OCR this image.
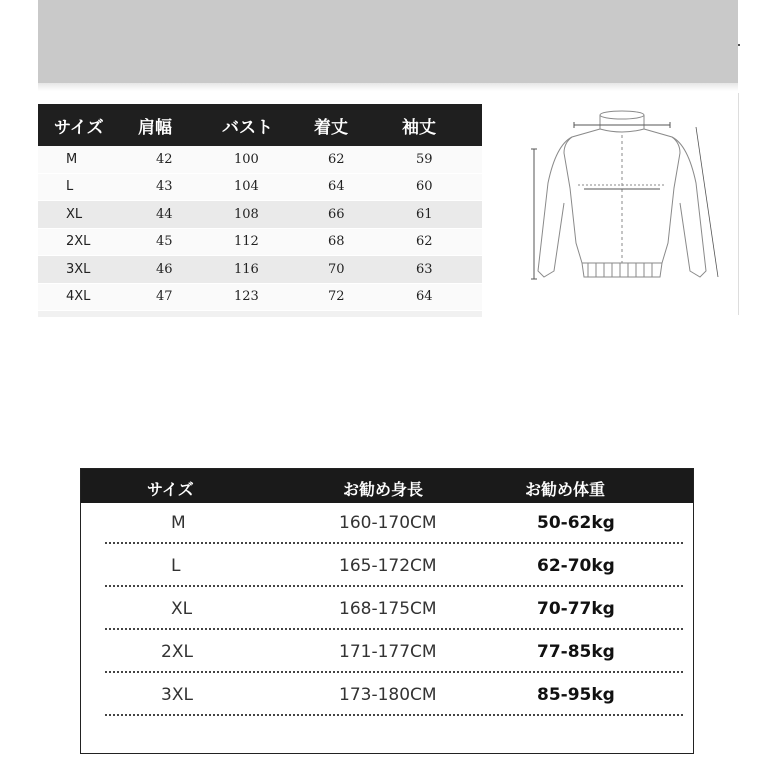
サイズ	肩幅	バスト	着丈	袖丈
M	42	100	62	59
L	43	104	64	60
XL	44	108	66	61
2XL	45	112	68	62
3XL	46	116	70	63
4XL	47	123	72	64
サイズ	お勧め身長	お勧め体重
M	160-170CM	50-62kg
L	165-172CM	62-70kg
XL	168-175CM	70-77kg
2XL	171-177CM	77-85kg
3XL	173-180CM	85-95kg
